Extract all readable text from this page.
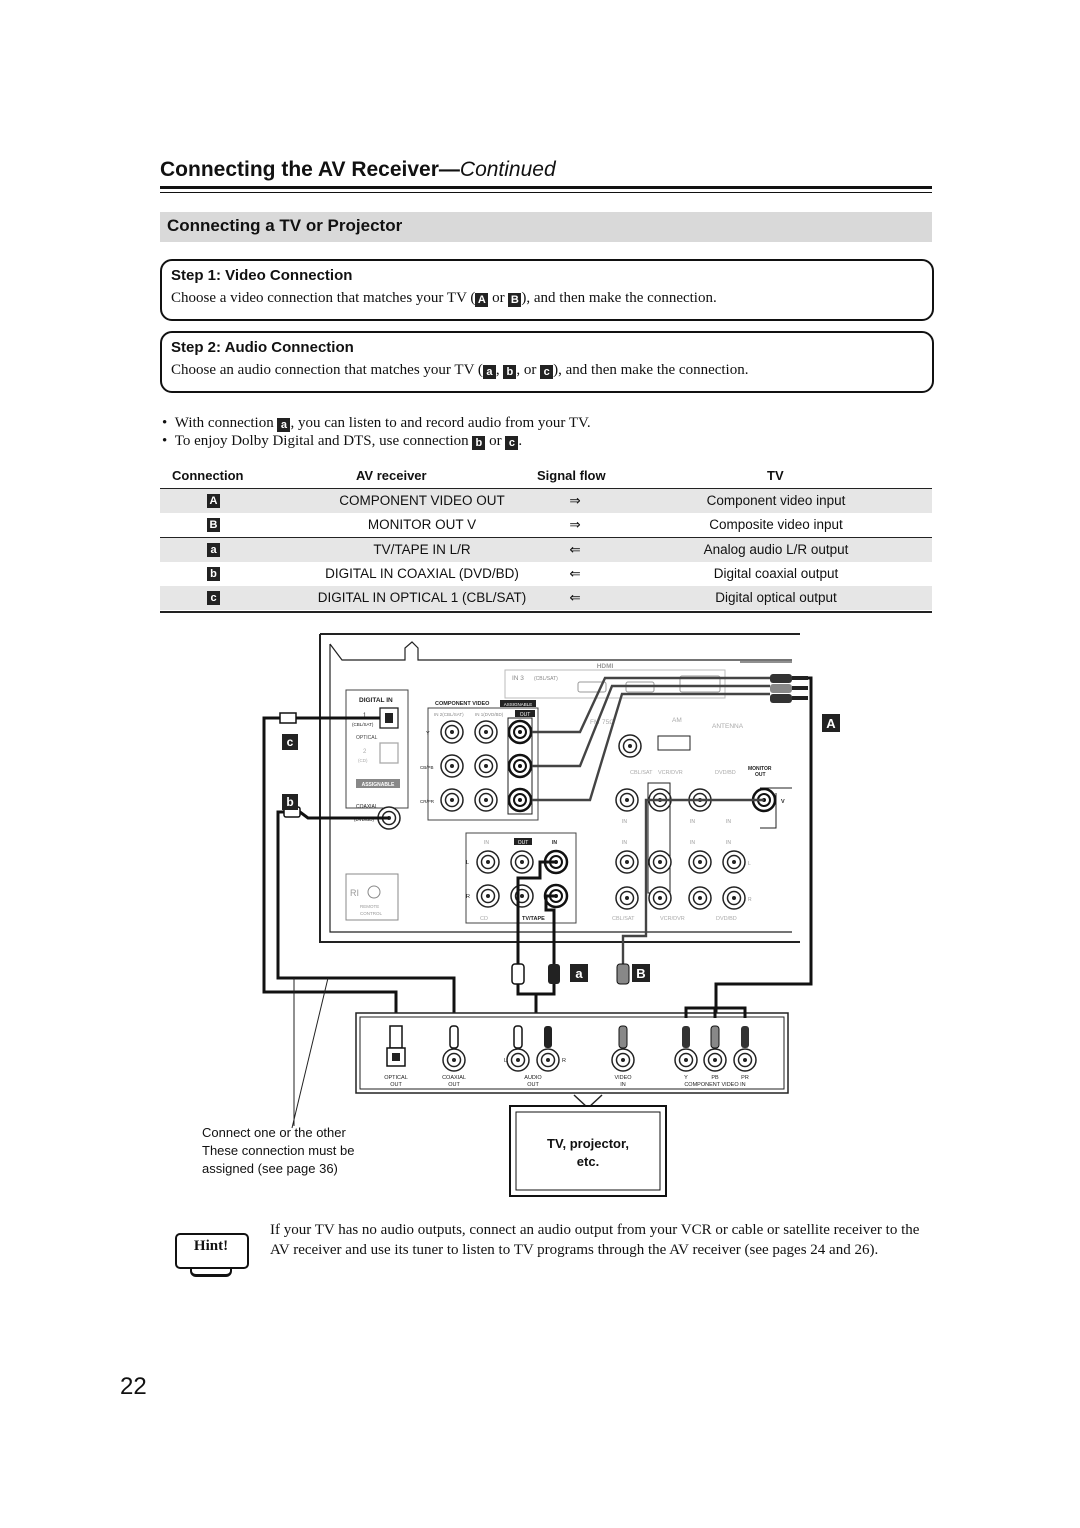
Connecting the AV Receiver—Continued
Connecting a TV or Projector
Step 1: Video Connection
Choose a video connection that matches your TV ( A or B ), and then make the connection.
Step 2: Audio Connection
Choose an audio connection that matches your TV ( a , b , or c ), and then make the connection.
•  With connection a , you can listen to and record audio from your TV.
•  To enjoy Dolby Digital and DTS, use connection b or c .
Connection	AV receiver	Signal flow	TV
A	COMPONENT VIDEO OUT	⇒	Component video input
B	MONITOR OUT V	⇒	Composite video input
a	TV/TAPE IN L/R	⇐	Analog audio L/R output
b	DIGITAL IN COAXIAL (DVD/BD)	⇐	Digital coaxial output
c	DIGITAL IN OPTICAL 1 (CBL/SAT)	⇐	Digital optical output
HDMI
IN 3 (CBL/SAT)
DIGITAL IN
1
(CBL/SAT)
OPTICAL
2
(CD)
ASSIGNABLE
COAXIAL
(DVD/BD)
COMPONENT VIDEO	ASSIGNABLE
IN 2(CBL/SAT)	IN 1(DVD/BD)	OUT
Y
CB/PB
CR/PR
FM 75Ω	AM
ANTENNA
CBL/SAT VCR/DVR	DVD/BD
MONITOR
OUT
V
IN	IN	IN
IN	IN	IN
L
R
CBL/SAT	VCR/DVR	DVD/BD
IN	OUT	IN
L
R
CD	TV/TAPE
RI
REMOTE
CONTROL
c
b
A
a	B
OPTICAL
OUT
COAXIAL
OUT
L	R
AUDIO
OUT
VIDEO
IN
Y	PB	PR
COMPONENT VIDEO IN
TV, projector,
etc.
Connect one or the other
These connection must be
assigned (see page 36)
Hint!
If your TV has no audio outputs, connect an audio output from your VCR or cable or satellite receiver to the AV receiver and use its tuner to listen to TV programs through the AV receiver (see pages 24 and 26).
22
